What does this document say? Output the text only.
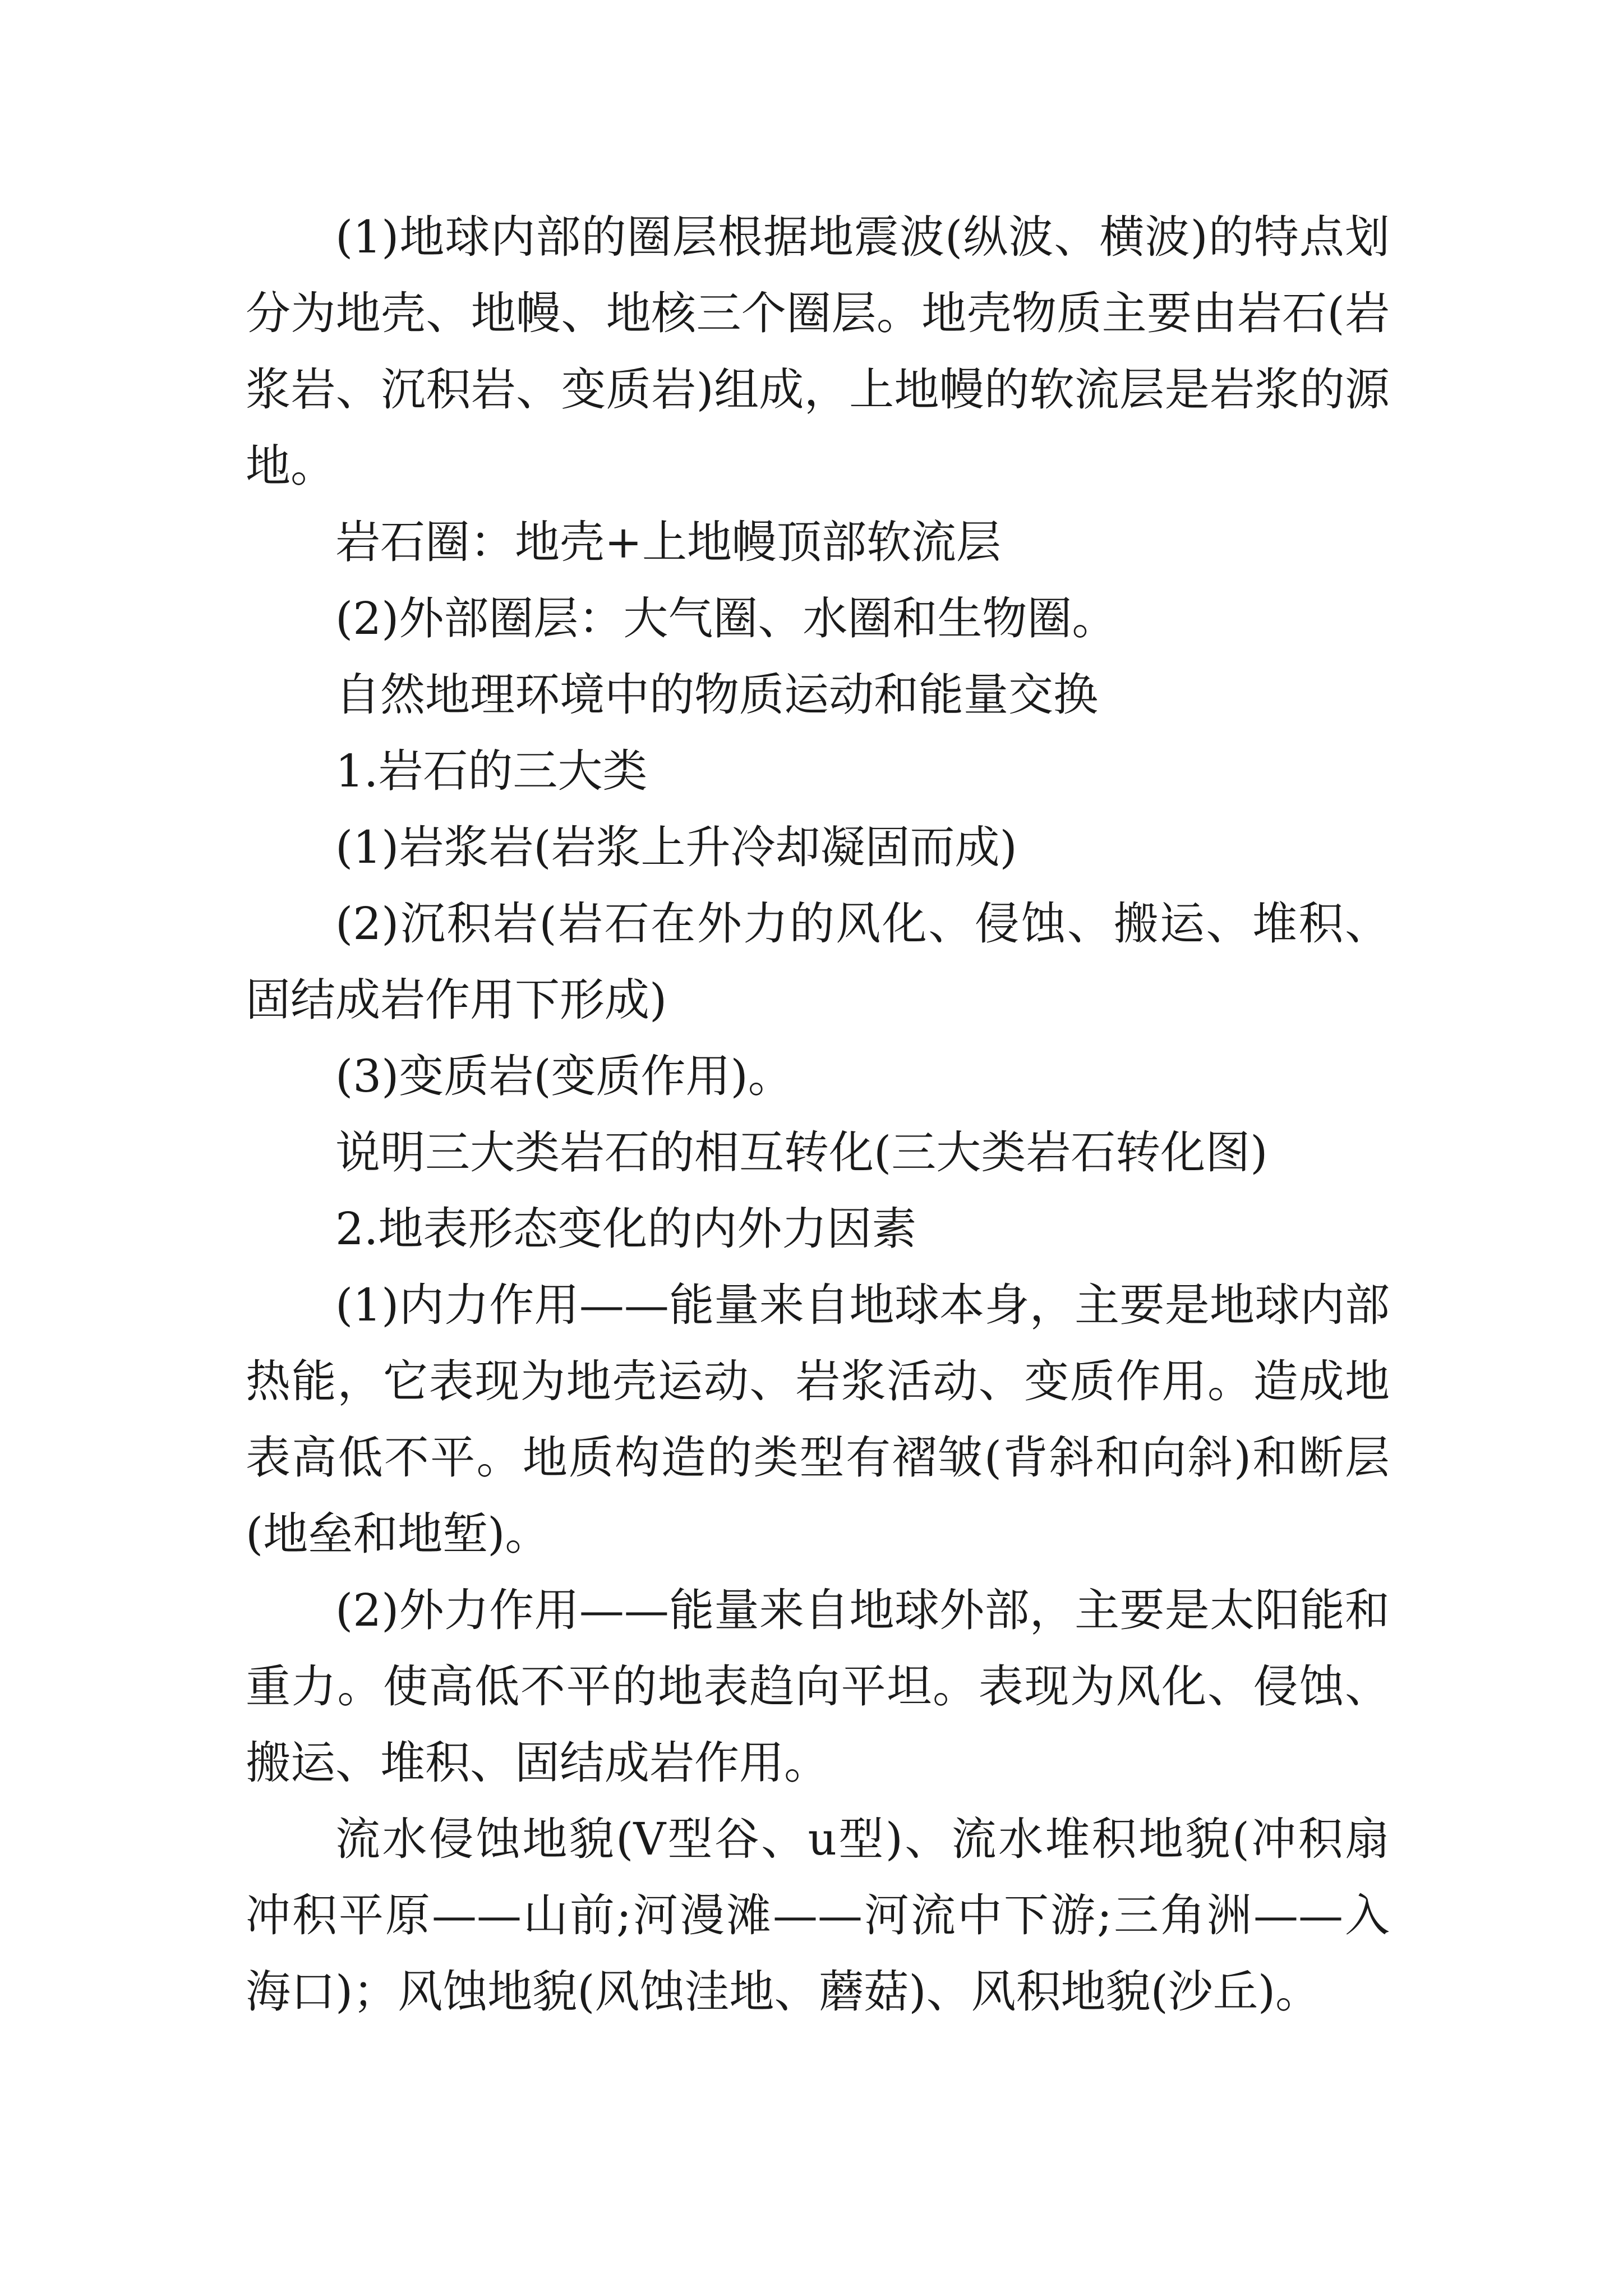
(1)地球内部的圈层根据地震波(纵波、横波)的特点划分为地壳、地幔、地核三个圈层。地壳物质主要由岩石(岩浆岩、沉积岩、变质岩)组成，上地幔的软流层是岩浆的源地。

岩石圈：地壳+上地幔顶部软流层

(2)外部圈层：大气圈、水圈和生物圈。

自然地理环境中的物质运动和能量交换

1.岩石的三大类

(1)岩浆岩(岩浆上升冷却凝固而成)

(2)沉积岩(岩石在外力的风化、侵蚀、搬运、堆积、固结成岩作用下形成)

(3)变质岩(变质作用)。

说明三大类岩石的相互转化(三大类岩石转化图)

2.地表形态变化的内外力因素

(1)内力作用——能量来自地球本身，主要是地球内部热能，它表现为地壳运动、岩浆活动、变质作用。造成地表高低不平。地质构造的类型有褶皱(背斜和向斜)和断层(地垒和地堑)。

(2)外力作用——能量来自地球外部，主要是太阳能和重力。使高低不平的地表趋向平坦。表现为风化、侵蚀、搬运、堆积、固结成岩作用。

流水侵蚀地貌(V型谷、u型)、流水堆积地貌(冲积扇冲积平原——山前;河漫滩——河流中下游;三角洲——入海口)；风蚀地貌(风蚀洼地、蘑菇)、风积地貌(沙丘)。
